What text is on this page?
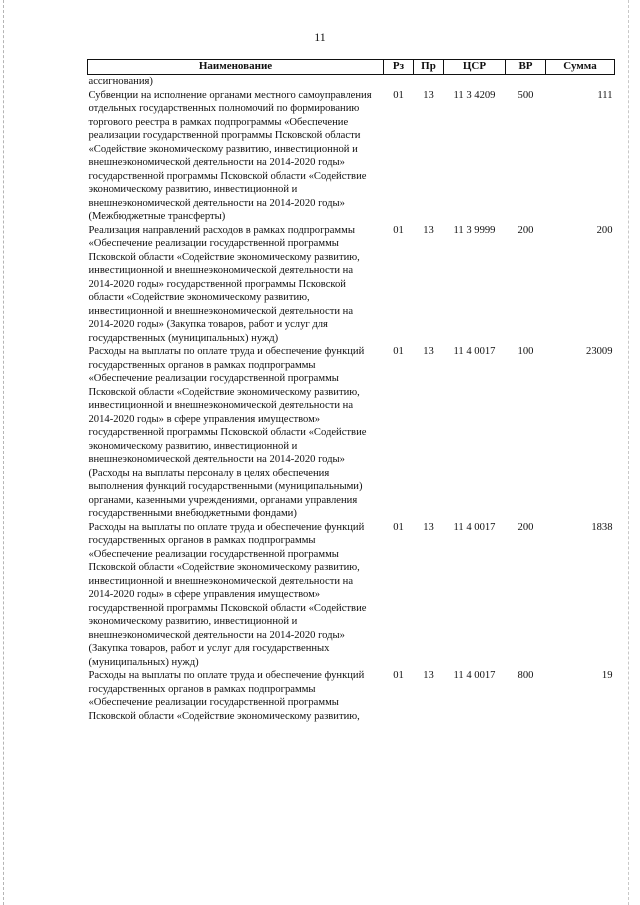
11
Наименование	Рз	Пр	ЦСР	ВР	Сумма
ассигнования)					
Субвенции на исполнение органами местного самоуправления отдельных государственных полномочий по формированию торгового реестра в рамках подпрограммы «Обеспечение реализации государственной программы Псковской области «Содействие экономическому развитию, инвестиционной и внешнеэкономической деятельности на 2014-2020 годы» государственной программы Псковской области «Содействие экономическому развитию, инвестиционной и внешнеэкономической деятельности на 2014-2020 годы» (Межбюджетные трансферты)	01	13	11 3 4209	500	111
Реализация направлений расходов в рамках подпрограммы «Обеспечение реализации государственной программы Псковской области «Содействие экономическому развитию, инвестиционной и внешнеэкономической деятельности на 2014-2020 годы» государственной программы Псковской области «Содействие экономическому развитию, инвестиционной и внешнеэкономической деятельности на 2014-2020 годы» (Закупка товаров, работ и услуг для государственных (муниципальных) нужд)	01	13	11 3 9999	200	200
Расходы на выплаты по оплате труда и обеспечение функций государственных органов в рамках подпрограммы «Обеспечение реализации государственной программы Псковской области «Содействие экономическому развитию, инвестиционной и внешнеэкономической деятельности на 2014-2020 годы» в сфере управления имуществом» государственной программы Псковской области «Содействие экономическому развитию, инвестиционной и внешнеэкономической деятельности на 2014-2020 годы» (Расходы на выплаты персоналу в целях обеспечения выполнения функций государственными (муниципальными) органами, казенными учреждениями, органами управления государственными внебюджетными фондами)	01	13	11 4 0017	100	23009
Расходы на выплаты по оплате труда и обеспечение функций государственных органов в рамках подпрограммы «Обеспечение реализации государственной программы Псковской области «Содействие экономическому развитию, инвестиционной и внешнеэкономической деятельности на 2014-2020 годы» в сфере управления имуществом» государственной программы Псковской области «Содействие экономическому развитию, инвестиционной и внешнеэкономической деятельности на 2014-2020 годы» (Закупка товаров, работ и услуг для государственных (муниципальных) нужд)	01	13	11 4 0017	200	1838
Расходы на выплаты по оплате труда и обеспечение функций государственных органов в рамках подпрограммы «Обеспечение реализации государственной программы Псковской области «Содействие экономическому развитию,	01	13	11 4 0017	800	19
